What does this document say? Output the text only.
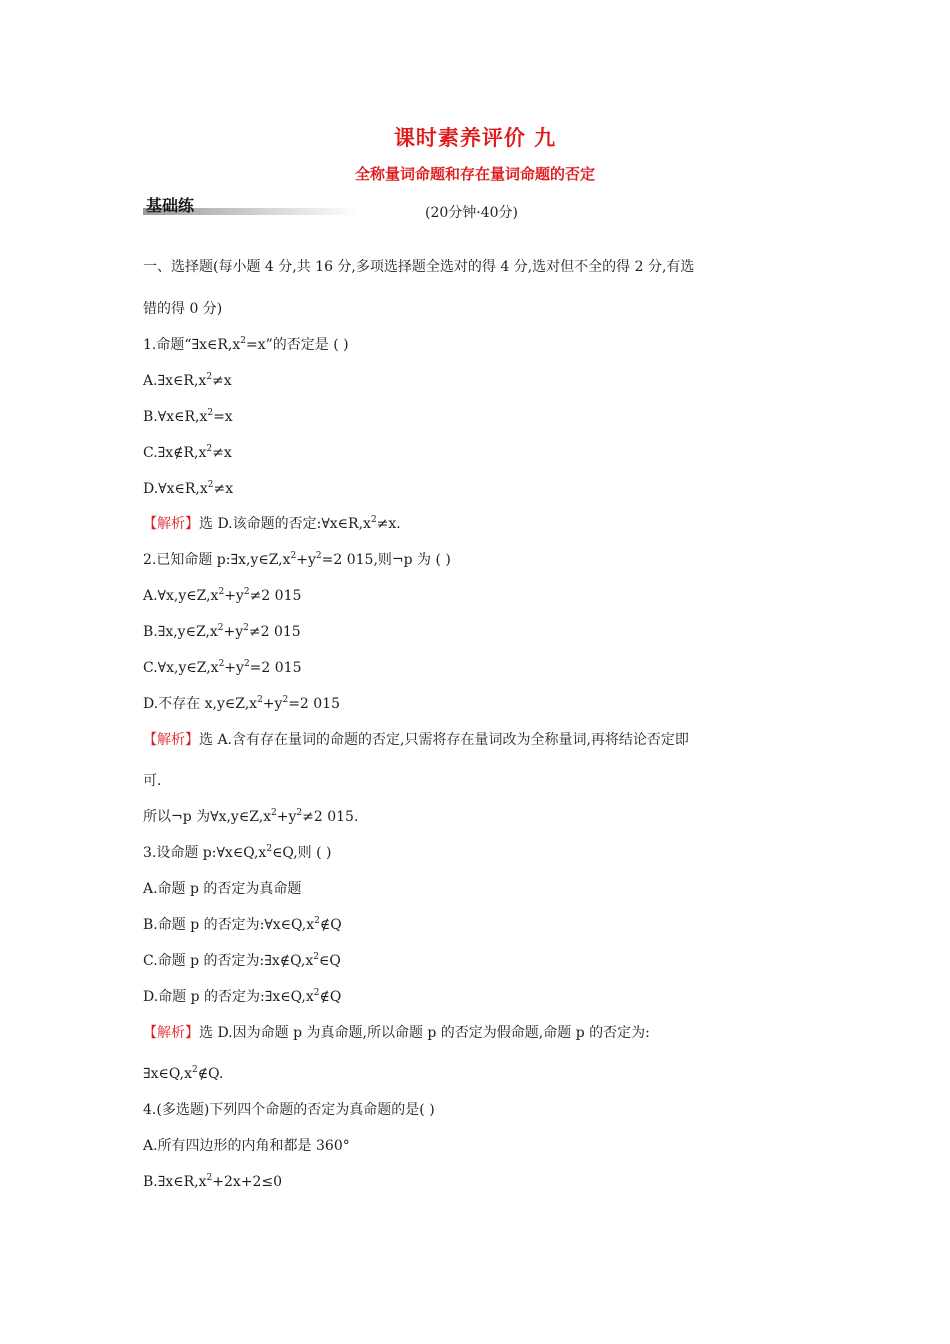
课时素养评价 九
全称量词命题和存在量词命题的否定
基础练	(20分钟·40分)
一、选择题(每小题 4 分,共 16 分,多项选择题全选对的得 4 分,选对但不全的得 2 分,有选
错的得 0 分)
1.命题“$\exists x\in R,x^2=x$”的否定是 ( )
$A.\exists x\in R,x^2\ne x$
$B.\forall x\in R,x^2=x$
$C.\exists x\notin R,x^2\ne x$
$D.\forall x\in R,x^2\ne x$
【解析】选 D.该命题的否定$:\forall x\in R,x^2\ne x$.
2.已知命题 $p:\exists x,y\in Z,x^2+y^2=2$ 015,则¬p 为 ( )
$A.\forall x,y\in Z,x^2+y^2\ne 2$ 015
$B.\exists x,y\in Z,x^2+y^2\ne 2$ 015
$C.\forall x,y\in Z,x^2+y^2=2$ 015
D.不存在 $x,y\in Z,x^2+y^2=2$ 015
【解析】选 A.含有存在量词的命题的否定,只需将存在量词改为全称量词,再将结论否定即
可.
所以¬p 为$\forall x,y\in Z,x^2+y^2\ne 2$ 015.
3.设命题 $p:\forall x\in Q,x^2\in Q$,则 ( )
A.命题 p 的否定为真命题
B.命题 p 的否定为$:\forall x\in Q,x^2\notin Q$
C.命题 p 的否定为$:\exists x\notin Q,x^2\in Q$
D.命题 p 的否定为$:\exists x\in Q,x^2\notin Q$
【解析】选 D.因为命题 p 为真命题,所以命题 p 的否定为假命题,命题 p 的否定为:
$\exists x\in Q,x^2\notin Q$.
4.(多选题)下列四个命题的否定为真命题的是( )
A.所有四边形的内角和都是 360°
$B.\exists x\in R,x^2+2x+2\le 0$
